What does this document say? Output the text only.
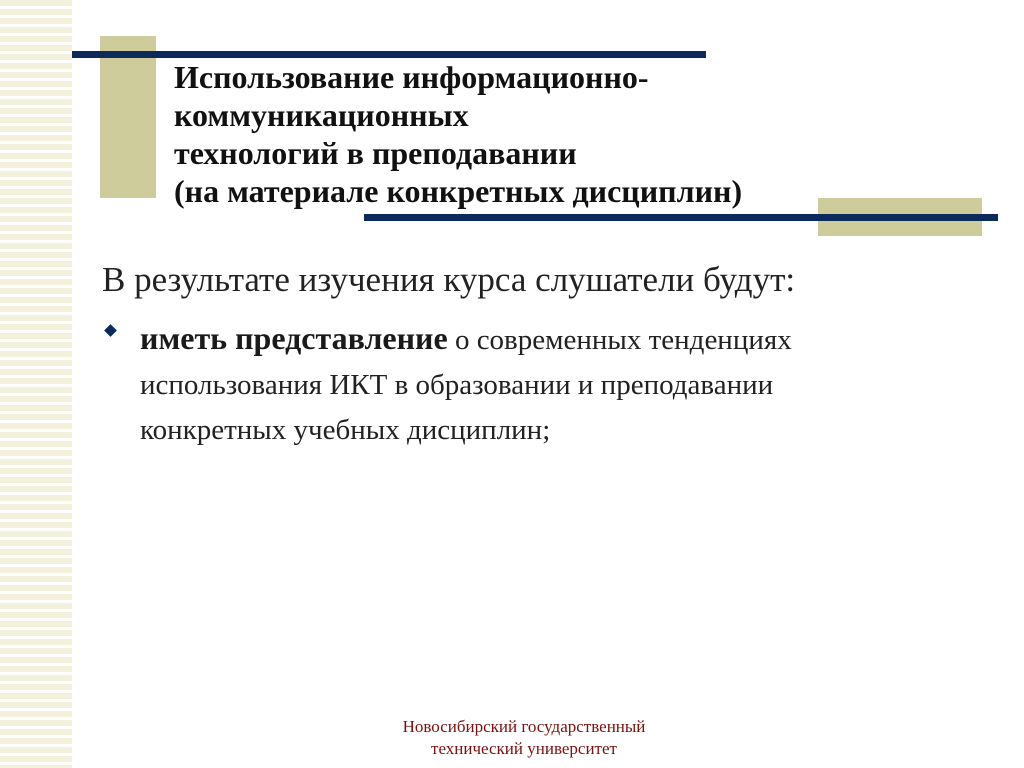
Использование информационно-
коммуникационных
технологий в преподавании
(на материале конкретных дисциплин)

В результате изучения курса слушатели будут:

иметь представление о современных тенденциях
использования ИКТ в образовании и преподавании
конкретных учебных дисциплин;

Новосибирский государственный
технический университет
